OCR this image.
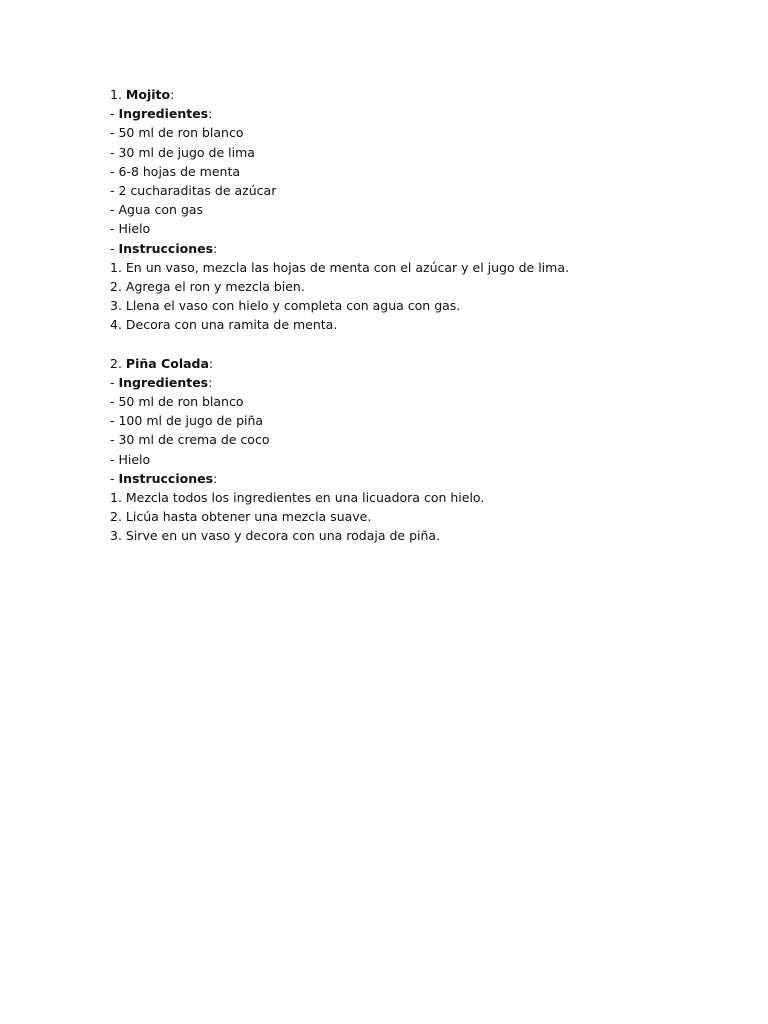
1. Mojito:
- Ingredientes:
- 50 ml de ron blanco
- 30 ml de jugo de lima
- 6-8 hojas de menta
- 2 cucharaditas de azúcar
- Agua con gas
- Hielo
- Instrucciones:
1. En un vaso, mezcla las hojas de menta con el azúcar y el jugo de lima.
2. Agrega el ron y mezcla bien.
3. Llena el vaso con hielo y completa con agua con gas.
4. Decora con una ramita de menta.
2. Piña Colada:
- Ingredientes:
- 50 ml de ron blanco
- 100 ml de jugo de piña
- 30 ml de crema de coco
- Hielo
- Instrucciones:
1. Mezcla todos los ingredientes en una licuadora con hielo.
2. Licúa hasta obtener una mezcla suave.
3. Sirve en un vaso y decora con una rodaja de piña.
